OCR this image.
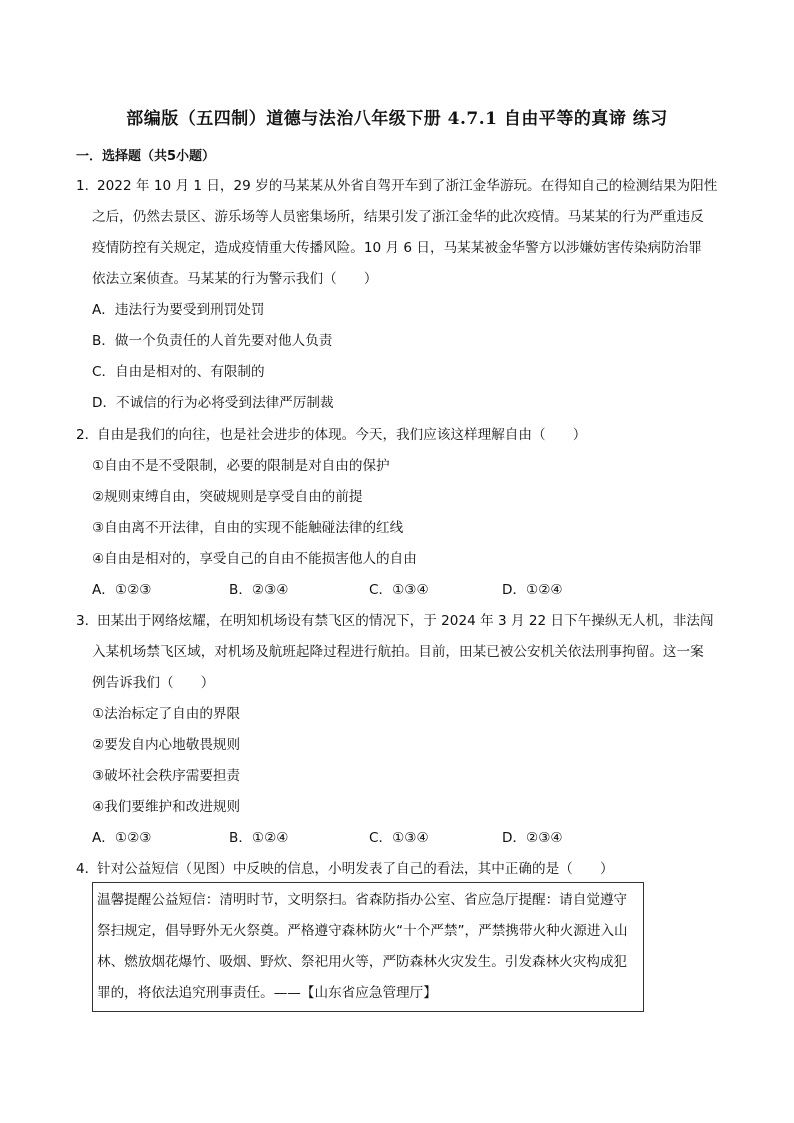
部编版（五四制）道德与法治八年级下册 4.7.1 自由平等的真谛 练习
一．选择题（共5小题）
1．
2022 年 10 月 1 日，29 岁的马某某从外省自驾开车到了浙江金华游玩。在得知自己的检测结果为阳性
之后，仍然去景区、游乐场等人员密集场所，结果引发了浙江金华的此次疫情。马某某的行为严重违反
疫情防控有关规定，造成疫情重大传播风险。10 月 6 日，马某某被金华警方以涉嫌妨害传染病防治罪
依法立案侦查。马某某的行为警示我们（　　）
A．违法行为要受到刑罚处罚
B．做一个负责任的人首先要对他人负责
C．自由是相对的、有限制的
D．不诚信的行为必将受到法律严厉制裁
2．
自由是我们的向往，也是社会进步的体现。今天，我们应该这样理解自由（　　）
①自由不是不受限制，必要的限制是对自由的保护
②规则束缚自由，突破规则是享受自由的前提
③自由离不开法律，自由的实现不能触碰法律的红线
④自由是相对的，享受自己的自由不能损害他人的自由
A．①②③	B．②③④	C．①③④	D．①②④
3．
田某出于网络炫耀，在明知机场设有禁飞区的情况下，于 2024 年 3 月 22 日下午操纵无人机，非法闯
入某机场禁飞区域，对机场及航班起降过程进行航拍。目前，田某已被公安机关依法刑事拘留。这一案
例告诉我们（　　）
①法治标定了自由的界限
②要发自内心地敬畏规则
③破坏社会秩序需要担责
④我们要维护和改进规则
A．①②③	B．①②④	C．①③④	D．②③④
4．
针对公益短信（见图）中反映的信息，小明发表了自己的看法，其中正确的是（　　）
温馨提醒公益短信：清明时节，文明祭扫。省森防指办公室、省应急厅提醒：请自觉遵守
祭扫规定，倡导野外无火祭奠。严格遵守森林防火“十个严禁”，严禁携带火种火源进入山
林、燃放烟花爆竹、吸烟、野炊、祭祀用火等，严防森林火灾发生。引发森林火灾构成犯
罪的，将依法追究刑事责任。——【山东省应急管理厅】
